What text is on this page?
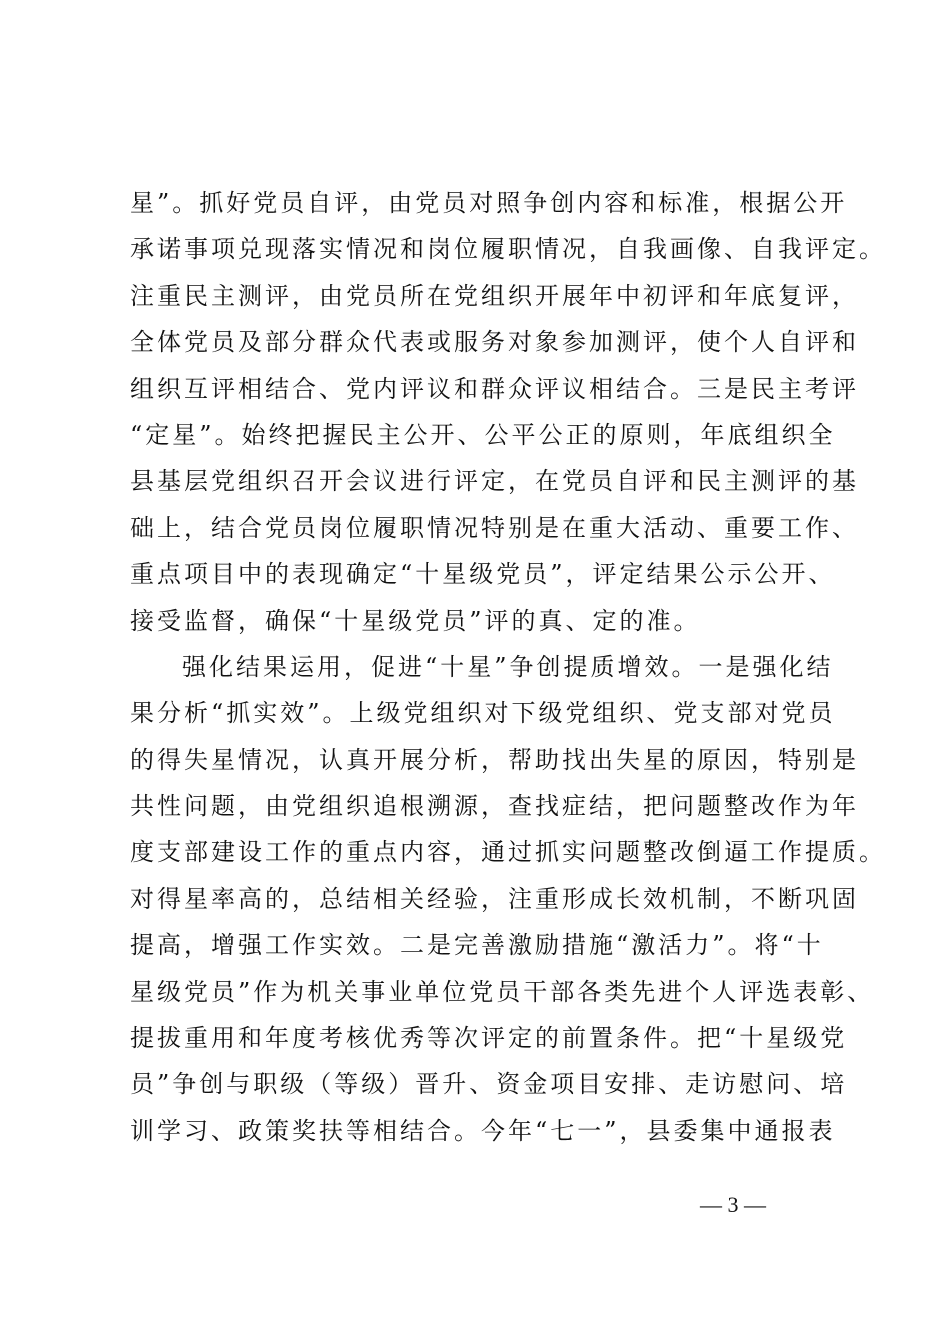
星”。抓好党员自评，由党员对照争创内容和标准，根据公开
承诺事项兑现落实情况和岗位履职情况，自我画像、自我评定。
注重民主测评，由党员所在党组织开展年中初评和年底复评，
全体党员及部分群众代表或服务对象参加测评，使个人自评和
组织互评相结合、党内评议和群众评议相结合。三是民主考评
“定星”。始终把握民主公开、公平公正的原则，年底组织全
县基层党组织召开会议进行评定，在党员自评和民主测评的基
础上，结合党员岗位履职情况特别是在重大活动、重要工作、
重点项目中的表现确定“十星级党员”，评定结果公示公开、
接受监督，确保“十星级党员”评的真、定的准。
强化结果运用，促进“十星”争创提质增效。一是强化结
果分析“抓实效”。上级党组织对下级党组织、党支部对党员
的得失星情况，认真开展分析，帮助找出失星的原因，特别是
共性问题，由党组织追根溯源，查找症结，把问题整改作为年
度支部建设工作的重点内容，通过抓实问题整改倒逼工作提质。
对得星率高的，总结相关经验，注重形成长效机制，不断巩固
提高，增强工作实效。二是完善激励措施“激活力”。将“十
星级党员”作为机关事业单位党员干部各类先进个人评选表彰、
提拔重用和年度考核优秀等次评定的前置条件。把“十星级党
员”争创与职级（等级）晋升、资金项目安排、走访慰问、培
训学习、政策奖扶等相结合。今年“七一”，县委集中通报表
— 3 —
